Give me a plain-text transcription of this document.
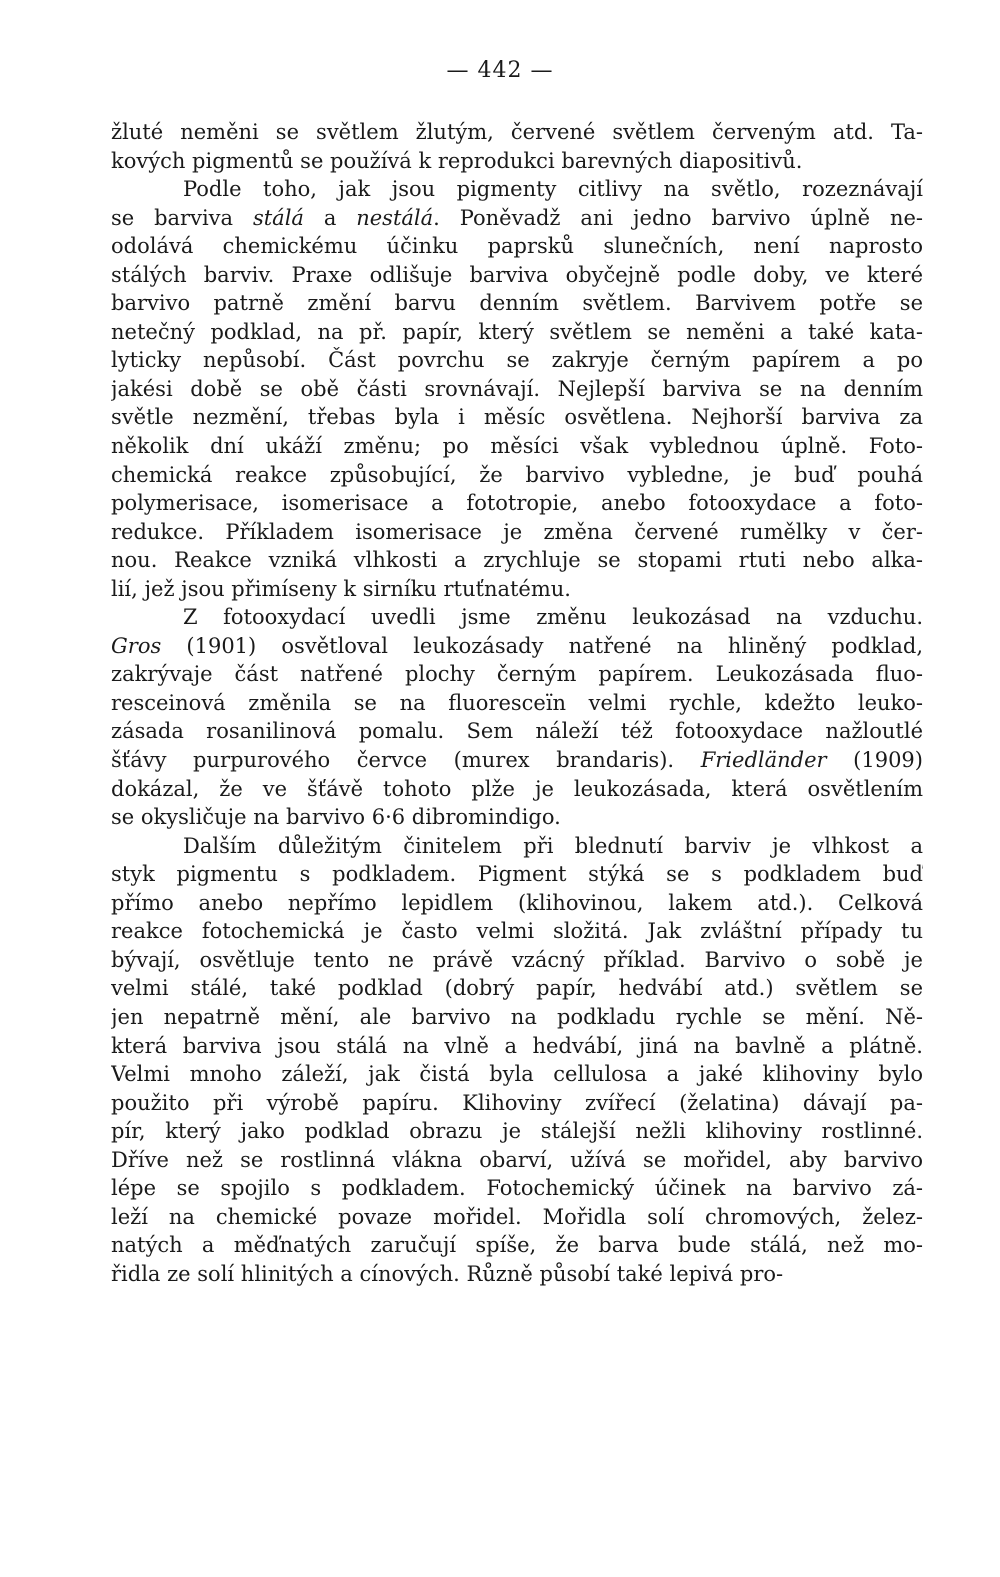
— 442 —
žluté neměni se světlem žlutým, červené světlem červeným atd. Ta-
kových pigmentů se používá k reprodukci barevných diapositivů.
Podle toho, jak jsou pigmenty citlivy na světlo, rozeznávají
se barviva stálá a nestálá. Poněvadž ani jedno barvivo úplně ne-
odolává chemickému účinku paprsků slunečních, není naprosto
stálých barviv. Praxe odlišuje barviva obyčejně podle doby, ve které
barvivo patrně změní barvu denním světlem. Barvivem potře se
netečný podklad, na př. papír, který světlem se neměni a také kata-
lyticky nepůsobí. Část povrchu se zakryje černým papírem a po
jakési době se obě části srovnávají. Nejlepší barviva se na denním
světle nezmění, třebas byla i měsíc osvětlena. Nejhorší barviva za
několik dní ukáží změnu; po měsíci však vyblednou úplně. Foto-
chemická reakce způsobující, že barvivo vybledne, je buď pouhá
polymerisace, isomerisace a fototropie, anebo fotooxydace a foto-
redukce. Příkladem isomerisace je změna červené rumělky v čer-
nou. Reakce vzniká vlhkosti a zrychluje se stopami rtuti nebo alka-
lií, jež jsou přimíseny k sirníku rtuťnatému.
Z fotooxydací uvedli jsme změnu leukozásad na vzduchu.
Gros (1901) osvětloval leukozásady natřené na hliněný podklad,
zakrývaje část natřené plochy černým papírem. Leukozásada fluo-
resceinová změnila se na fluoresceïn velmi rychle, kdežto leuko-
zásada rosanilinová pomalu. Sem náleží též fotooxydace nažloutlé
šťávy purpurového červce (murex brandaris). Friedländer (1909)
dokázal, že ve šťávě tohoto plže je leukozásada, která osvětlením
se okysličuje na barvivo 6·6 dibromindigo.
Dalším důležitým činitelem při blednutí barviv je vlhkost a
styk pigmentu s podkladem. Pigment stýká se s podkladem buď
přímo anebo nepřímo lepidlem (klihovinou, lakem atd.). Celková
reakce fotochemická je často velmi složitá. Jak zvláštní případy tu
bývají, osvětluje tento ne právě vzácný příklad. Barvivo o sobě je
velmi stálé, také podklad (dobrý papír, hedvábí atd.) světlem se
jen nepatrně mění, ale barvivo na podkladu rychle se mění. Ně-
která barviva jsou stálá na vlně a hedvábí, jiná na bavlně a plátně.
Velmi mnoho záleží, jak čistá byla cellulosa a jaké klihoviny bylo
použito při výrobě papíru. Klihoviny zvířecí (želatina) dávají pa-
pír, který jako podklad obrazu je stálejší nežli klihoviny rostlinné.
Dříve než se rostlinná vlákna obarví, užívá se mořidel, aby barvivo
lépe se spojilo s podkladem. Fotochemický účinek na barvivo zá-
leží na chemické povaze mořidel. Mořidla solí chromových, želez-
natých a měďnatých zaručují spíše, že barva bude stálá, než mo-
řidla ze solí hlinitých a cínových. Různě působí také lepivá pro-
